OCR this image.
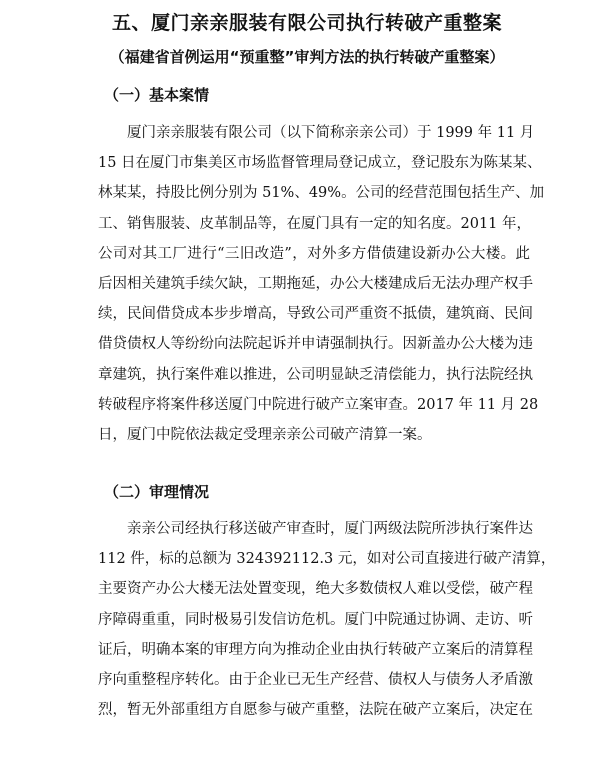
五、厦门亲亲服装有限公司执行转破产重整案
（福建省首例运用“预重整”审判方法的执行转破产重整案）
（一）基本案情
厦门亲亲服装有限公司（以下简称亲亲公司）于 1999 年 11 月
15 日在厦门市集美区市场监督管理局登记成立，登记股东为陈某某、
林某某，持股比例分别为 51%、49%。公司的经营范围包括生产、加
工、销售服装、皮革制品等，在厦门具有一定的知名度。2011 年，
公司对其工厂进行“三旧改造”，对外多方借债建设新办公大楼。此
后因相关建筑手续欠缺，工期拖延，办公大楼建成后无法办理产权手
续，民间借贷成本步步增高，导致公司严重资不抵债，建筑商、民间
借贷债权人等纷纷向法院起诉并申请强制执行。因新盖办公大楼为违
章建筑，执行案件难以推进，公司明显缺乏清偿能力，执行法院经执
转破程序将案件移送厦门中院进行破产立案审查。2017 年 11 月 28
日，厦门中院依法裁定受理亲亲公司破产清算一案。
（二）审理情况
亲亲公司经执行移送破产审查时，厦门两级法院所涉执行案件达
112 件，标的总额为 324392112.3 元，如对公司直接进行破产清算，
主要资产办公大楼无法处置变现，绝大多数债权人难以受偿，破产程
序障碍重重，同时极易引发信访危机。厦门中院通过协调、走访、听
证后，明确本案的审理方向为推动企业由执行转破产立案后的清算程
序向重整程序转化。由于企业已无生产经营、债权人与债务人矛盾激
烈，暂无外部重组方自愿参与破产重整，法院在破产立案后，决定在
